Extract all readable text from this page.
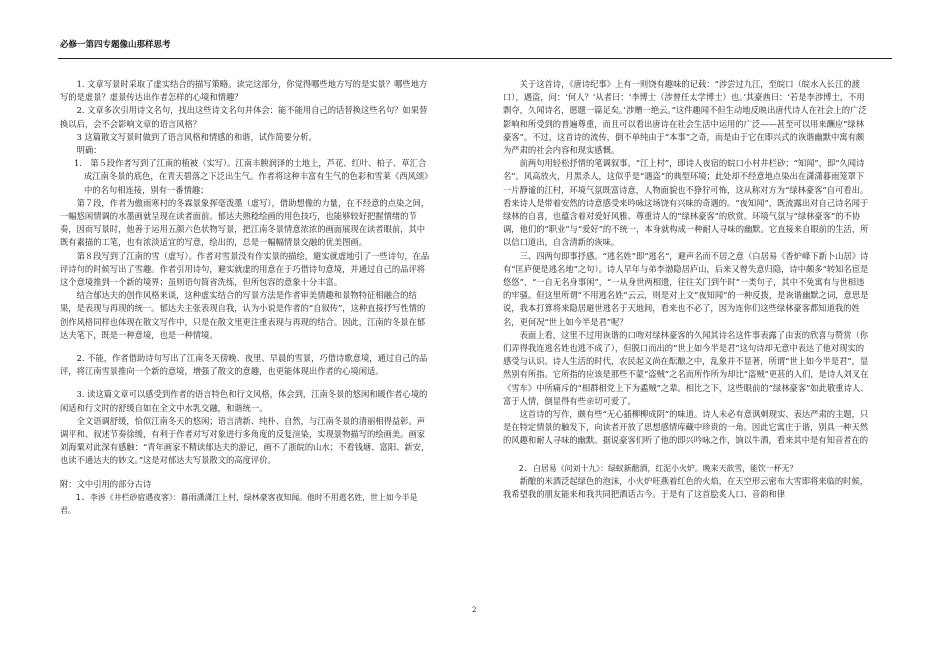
必修一第四专题像山那样思考

1. 文章写景时采取了虚实结合的描写策略。读完这部分，你觉得哪些地方写的是实景？哪些地方写的是虚景？虚景传达出作者怎样的心境和情趣？

2. 文章多次引用诗文名句，找出这些诗文名句并体会：能不能用自己的话替换这些名句？如果替换以后，会不会影响文章的语言风格？

3 这篇散文写景时做到了语言风格和情感的和谐，试作简要分析。

明确：

1.　第５段作者写到了江南的植被（实写）。江南丰腴润泽的土地上，芦花、红叶、柏子、草汇合成江南冬景的底色，在青天碧落之下泛出生气。作者将这种丰富有生气的色彩和雪莱《西风颂》中的名句相连接，别有一番情趣；

第７段，作者为傲雨寒村的冬霖景象挥毫泼墨（虚写），借助想像的力量，在不经意的点染之间，一幅悠闲情调的水墨画就呈现在读者面前。郁达夫熟稔绘画的用色技巧，也能够较好把握情绪的节奏，因而写景时，他善于运用五颜六色状物写景，把江南冬景情意浓浓的画面展现在读者眼前，其中既有素描的工笔，也有浓淡适宜的写意，绘出的，总是一幅幅情景交融的优美图画。

第８段写到了江南的雪（虚写）。作者对雪景没有作实景的描绘，避实就虚地引了一些诗句，在品评诗句的时候写出了雪趣。作者引用诗句，避实就虚的用意在于巧借诗句意境，并通过自己的品评将这个意境推到一个新的境界；虽则语句简省洗练，但所包容的意象十分丰富。

结合郁达夫的创作风格来谈，这种虚实结合的写景方法是作者审美情趣和景物特征相融合的结果，是表现与再现的统一。郁达夫主张表现自我，认为小说是作者的“自叙传”，这种直接抒写性情的创作风格同样也体现在散文写作中，只是在散文里更注重表现与再现的结合。因此，江南的冬景在郁达夫笔下，既是一种意境，也是一种情境。

2. 不能，作者借助诗句写出了江南冬天傍晚、夜里、早晨的雪景，巧借诗歌意境，通过自己的品评，将江南雪景推向一个新的意境，增强了散文的意趣，也更能体现出作者的心境闲适。

3. 读这篇文章可以感受到作者的语言特色和行文风格，体会到，江南冬景的悠闲和暖作者心境的闲适和行文时的舒缓自如在全文中水乳交融，和谐统一。

全文语调舒缓，恰似江南冬天的悠闲；语言清新、纯朴、自然，与江南冬景的清丽相得益彰。声调平和、叙述节奏徐缓，有利于作者对写对象进行多角度的反复渲染，实现景物描写的绘画美。画家刘海粟对此深有感触：“青年画家不精读郁达夫的游记，画不了浙皖的山水；不看钱塘、富阳、新安，也读不通达夫的妙文。”这是对郁达夫写景散文的高度评价。

附：文中引用的部分古诗

1. 李涉《井栏砂宿遇夜客》：暮雨潇潇江上村，绿林豪客夜知闻。他时不用逃名姓，世上如今半是君。

关于这首诗，《唐诗纪事》上有一则饶有趣味的记载：“涉尝过九江，至皖口（皖水入长江的渡口），遇盗，问：‘何人？’从者曰：‘李博士（涉曾任太学博士）也。’其豪酋曰：‘若是李涉博士，不用剽夺，久闻诗名，愿题一篇足矣。’涉赠一绝云。”这件趣闻不但生动地反映出唐代诗人在社会上的广泛影响和所受到的普遍尊重，而且可以看出唐诗在社会生活中运用的广泛——甚至可以用来酬应“绿林豪客”。不过，这首诗的流传，倒不单纯由于“本事”之奇，而是由于它在即兴式的诙谐幽默中寓有颇为严肃的社会内容和现实感慨。

前两句用轻松抒情的笔调叙事。“江上村”，即诗人夜宿的皖口小村井栏砂；“知闻”，即“久闻诗名”。风高放火，月黑杀人，这似乎是“遇盗”的典型环境；此处却不经意地点染出在潇潇暮雨笼罩下一片静谧的江村，环境气氛既富诗意，人物面貌也不狰狞可怖，这从称对方为“绿林豪客”自可看出。看来诗人是带着安然的诗意感受来吟咏这场饶有兴味的奇遇的。“夜知闻”，既流露出对自己诗名闻于绿林的自喜，也蕴含着对爱好风雅、尊重诗人的“绿林豪客”的欣赏。环境气氛与“绿林豪客”的不协调，他们的“职业”与“爱好”的不统一，本身就构成一种耐人寻味的幽默。它直接来自眼前的生活，所以信口道出，自含清新的诙味。

三、四两句即事抒感。“逃名姓”即“逃名”，避声名而不居之意（白居易《香炉峰下新卜山居》诗有“匡庐便是逃名地”之句）。诗人早年与弟李渤隐居庐山，后来又曾失意归隐，诗中颇多“转知名宦是悠悠”，“一自无名身事闲”，“一从身世两相遗，往往关门到午时”一类句子，其中不免寓有与世相违的牢骚。但这里所谓“不用逃名姓”云云，则是对上文“夜知闻”的一种反拨，是诙谐幽默之词，意思是说，我本打算将来隐居避世逃名于天地间，看来也不必了，因为连你们这些绿林豪客都知道我的姓名，更何况“世上如今半是君”呢？

表面上看，这里不过用诙谐的口吻对绿林豪客的久闻其诗名这件事表露了由衷的欣喜与赞赏（你们弄得我连逃名姓也逃不成了），但脱口而出的“世上如今半是君”这句诗却无意中表达了他对现实的感受与认识。诗人生活的时代，农民起义尚在酝酿之中，乱象并不显著，所谓“世上如今半是君”，显然别有所指。它所指的应该是那些不蒙“盗贼”之名而所作所为却比“盗贼”更甚的人们，是诗人刘叉在《雪车》中所痛斥的“相群相党上下为蟊贼”之辈。相比之下，这些眼前的“绿林豪客”如此敬重诗人、富于人情，倒显得有些亲切可爱了。

这首诗的写作，颇有些“无心插柳柳成阴”的味道。诗人未必有意讽刺现实、表达严肃的主题，只是在特定情景的触发下，向读者开放了思想感情库藏中珍贵的一角。因此它寓庄于谐，别具一种天然的风趣和耐人寻味的幽默。据说豪客们听了他的即兴吟咏之作，饷以牛酒，看来其中是有知音者在的

2. 白居易《问刘十九》：绿蚁新醅酒，红泥小火炉。晚来天欲雪，能饮一杯无？

新酿的米酒泛起绿色的泡沫，小火炉旺燕着红色的火焰，在天空形云密布大雪即将来临的时候，我希望我的朋友能来和我共同把酒话古今。于是有了这首脍炙人口、音韵和律

2
